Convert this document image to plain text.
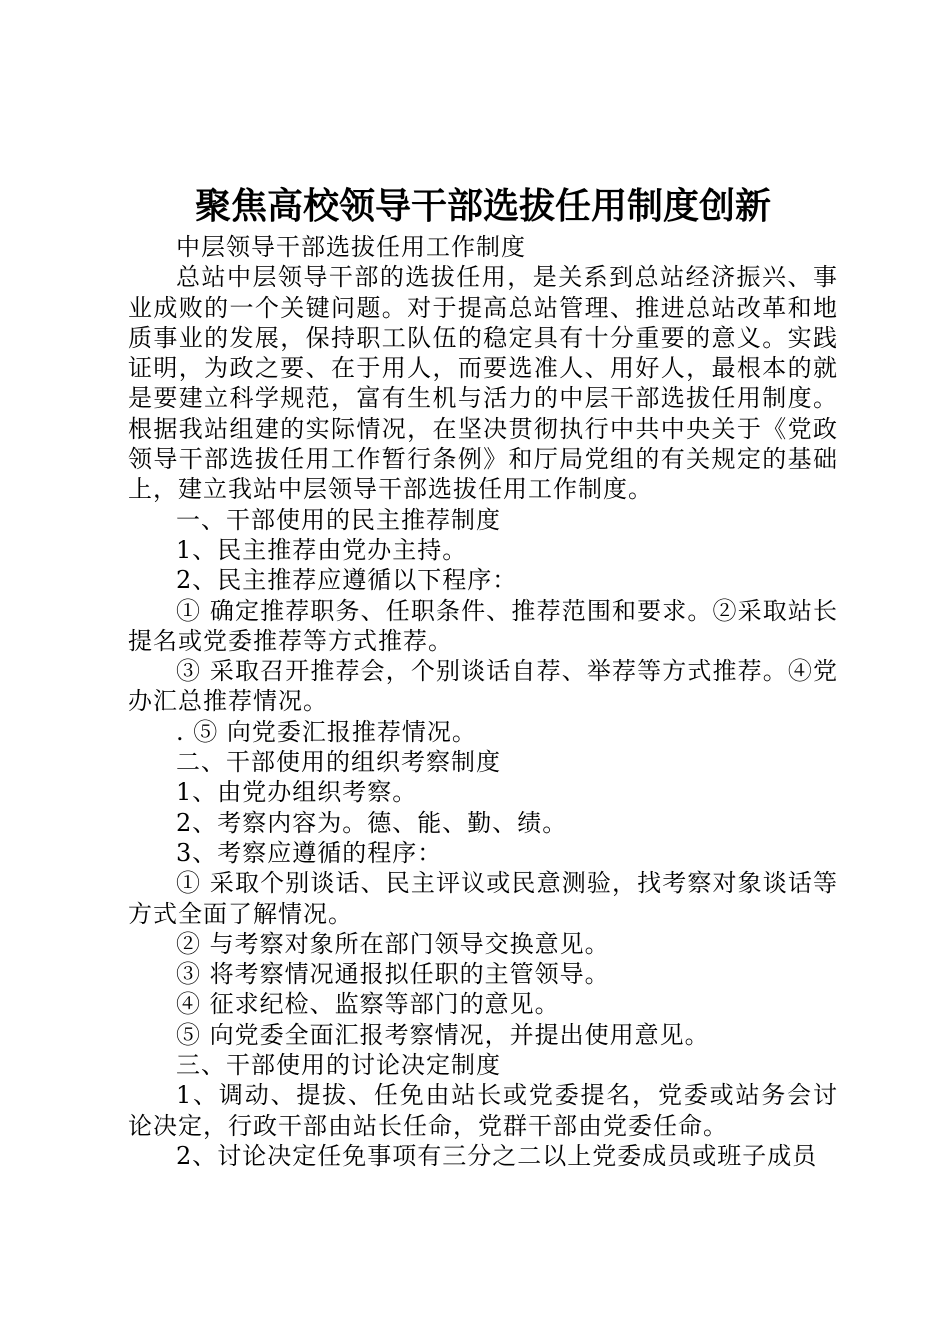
聚焦高校领导干部选拔任用制度创新

中层领导干部选拔任用工作制度

总站中层领导干部的选拔任用，是关系到总站经济振兴、事业成败的一个关键问题。对于提高总站管理、推进总站改革和地质事业的发展，保持职工队伍的稳定具有十分重要的意义。实践证明，为政之要、在于用人，而要选准人、用好人，最根本的就是要建立科学规范，富有生机与活力的中层干部选拔任用制度。根据我站组建的实际情况，在坚决贯彻执行中共中央关于《党政领导干部选拔任用工作暂行条例》和厅局党组的有关规定的基础上，建立我站中层领导干部选拔任用工作制度。

一、干部使用的民主推荐制度

1、民主推荐由党办主持。

2、民主推荐应遵循以下程序：

① 确定推荐职务、任职条件、推荐范围和要求。②采取站长提名或党委推荐等方式推荐。

③ 采取召开推荐会，个别谈话自荐、举荐等方式推荐。④党办汇总推荐情况。

. ⑤ 向党委汇报推荐情况。

二、干部使用的组织考察制度

1、由党办组织考察。

2、考察内容为。德、能、勤、绩。

3、考察应遵循的程序：

① 采取个别谈话、民主评议或民意测验，找考察对象谈话等方式全面了解情况。

② 与考察对象所在部门领导交换意见。

③ 将考察情况通报拟任职的主管领导。

④ 征求纪检、监察等部门的意见。

⑤ 向党委全面汇报考察情况，并提出使用意见。

三、干部使用的讨论决定制度

1、调动、提拔、任免由站长或党委提名，党委或站务会讨论决定，行政干部由站长任命，党群干部由党委任命。

2、讨论决定任免事项有三分之二以上党委成员或班子成员
